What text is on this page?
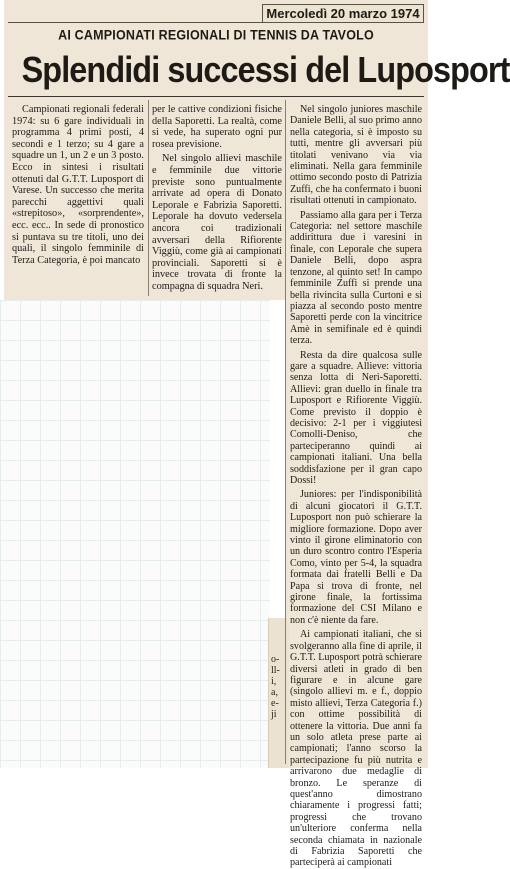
o-
ll-
i,
a,
e-
ji
Mercoledì 20 marzo 1974
AI CAMPIONATI REGIONALI DI TENNIS DA TAVOLO
Splendidi successi del Luposport

Campionati regionali federali 1974: su 6 gare individuali in programma 4 primi posti, 4 secondi e 1 terzo; su 4 gare a squadre un 1, un 2 e un 3 posto. Ecco in sintesi i risultati ottenuti dal G.T.T. Luposport di Varese. Un successo che merita parecchi aggettivi quali «strepitoso», «sorprendente», ecc. ecc.. In sede di pronostico si puntava su tre titoli, uno dei quali, il singolo femminile di Terza Categoria, è poi mancato

per le cattive condizioni fisiche della Saporetti. La realtà, come si vede, ha superato ogni pur rosea previsione.

Nel singolo allievi maschile e femminile due vittorie previste sono puntualmente arrivate ad opera di Donato Leporale e Fabrizia Saporetti. Leporale ha dovuto vedersela ancora coi tradizionali avversari della Rifiorente Viggiù, come già ai campionati provinciali. Saporetti si è invece trovata di fronte la compagna di squadra Neri.

Nel singolo juniores maschile Daniele Belli, al suo primo anno nella categoria, si è imposto su tutti, mentre gli avversari più titolati venivano via via eliminati. Nella gara femminile ottimo secondo posto di Patrizia Zuffi, che ha confermato i buoni risultati ottenuti in campionato.

Passiamo alla gara per i Terza Categoria: nel settore maschile addirittura due i varesini in finale, con Leporale che supera Daniele Belli, dopo aspra tenzone, al quinto set! In campo femminile Zuffi si prende una bella rivincita sulla Curtoni e si piazza al secondo posto mentre Saporetti perde con la vincitrice Amè in semifinale ed è quindi terza.

Resta da dire qualcosa sulle gare a squadre. Allieve: vittoria senza lotta di Neri-Saporetti. Allievi: gran duello in finale tra Luposport e Rifiorente Viggiù. Come previsto il doppio è decisivo: 2-1 per i viggiutesi Comolli-Deniso, che parteciperanno quindi ai campionati italiani. Una bella soddisfazione per il gran capo Dossi!

Juniores: per l'indisponibilità di alcuni giocatori il G.T.T. Luposport non può schierare la migliore formazione. Dopo aver vinto il girone eliminatorio con un duro scontro contro l'Esperia Como, vinto per 5-4, la squadra formata dai fratelli Belli e Da Papa si trova di fronte, nel girone finale, la fortissima formazione del CSI Milano e non c'è niente da fare.

Ai campionati italiani, che si svolgeranno alla fine di aprile, il G.T.T. Luposport potrà schierare diversi atleti in grado di ben figurare e in alcune gare (singolo allievi m. e f., doppio misto allievi, Terza Categoria f.) con ottime possibilità di ottenere la vittoria. Due anni fa un solo atleta prese parte ai campionati; l'anno scorso la partecipazione fu più nutrita e arrivarono due medaglie di bronzo. Le speranze di quest'anno dimostrano chiaramente i progressi fatti; progressi che trovano un'ulteriore conferma nella seconda chiamata in nazionale di Fabrizia Saporetti che parteciperà ai campionati
